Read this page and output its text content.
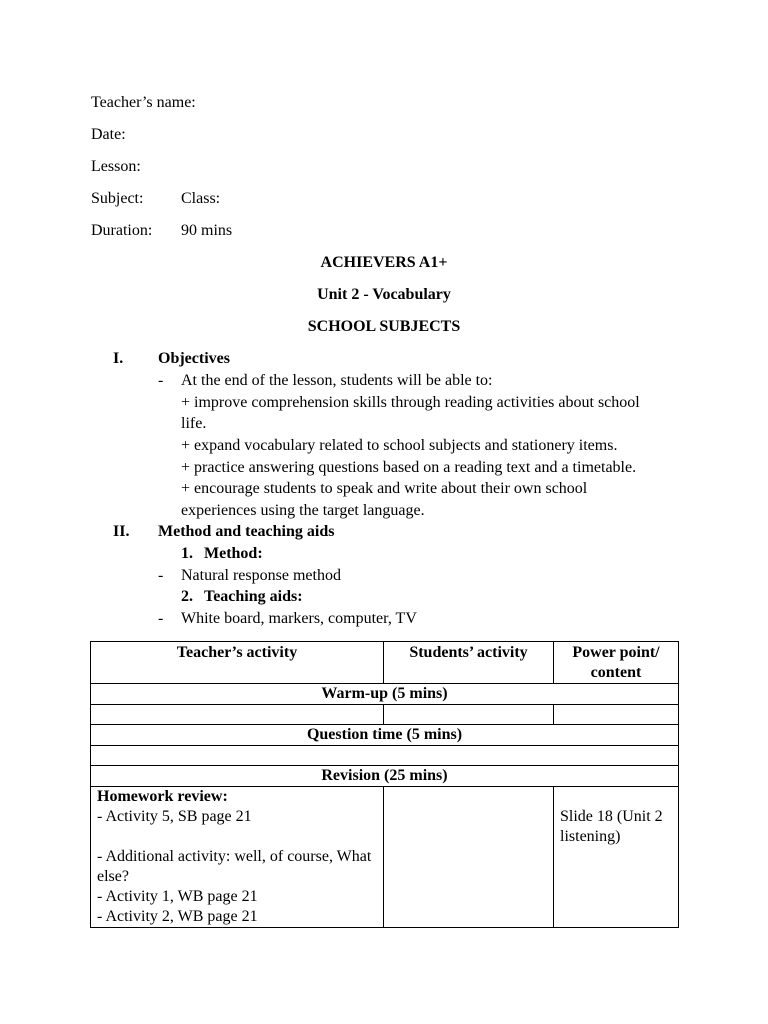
Teacher’s name:
Date:
Lesson:
Subject: Class:
Duration: 90 mins
ACHIEVERS A1+
Unit 2 - Vocabulary
SCHOOL SUBJECTS
I. Objectives
- At the end of the lesson, students will be able to:
+ improve comprehension skills through reading activities about school
life.
+ expand vocabulary related to school subjects and stationery items.
+ practice answering questions based on a reading text and a timetable.
+ encourage students to speak and write about their own school
experiences using the target language.
II. Method and teaching aids
1. Method:
- Natural response method
2. Teaching aids:
- White board, markers, computer, TV
Teacher’s activity	Students’ activity	Power point/ content
Warm-up (5 mins)		

Question time (5 mins)		

Revision (25 mins)		

Homework review:
- Activity 5, SB page 21
- Additional activity: well, of course, What else?
- Activity 1, WB page 21
- Activity 2, WB page 21		Slide 18 (Unit 2 listening)
